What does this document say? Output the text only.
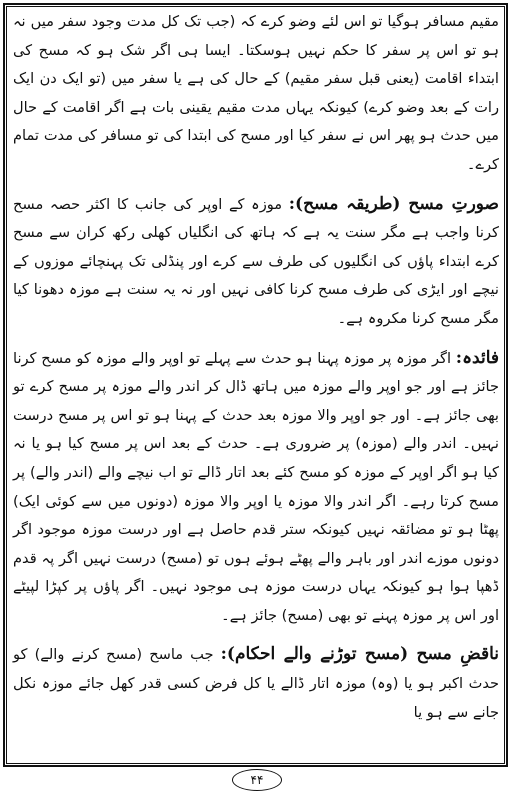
مقیم مسافر ہوگیا تو اس لئے وضو کرے کہ (جب تک کل مدت وجود سفر میں نہ ہو تو اس پر سفر کا حکم نہیں ہوسکتا۔ ایسا ہی اگر شک ہو کہ مسح کی ابتداء اقامت (یعنی قبل سفر مقیم) کے حال کی ہے یا سفر میں (تو ایک دن ایک رات کے بعد وضو کرے) کیونکہ یہاں مدت مقیم یقینی بات ہے اگر اقامت کے حال میں حدث ہو پھر اس نے سفر کیا اور مسح کی ابتدا کی تو مسافر کی مدت تمام کرے۔

صورتِ مسح (طریقہ مسح): موزہ کے اوپر کی جانب کا اکثر حصہ مسح کرنا واجب ہے مگر سنت یہ ہے کہ ہاتھ کی انگلیاں کھلی رکھ کران سے مسح کرے ابتداء پاؤں کی انگلیوں کی طرف سے کرے اور پنڈلی تک پہنچائے موزوں کے نیچے اور ایڑی کی طرف مسح کرنا کافی نہیں اور نہ یہ سنت ہے موزہ دھونا کیا مگر مسح کرنا مکروہ ہے۔

فائدہ: اگر موزہ پر موزہ پہنا ہو حدث سے پہلے تو اوپر والے موزہ کو مسح کرنا جائز ہے اور جو اوپر والے موزہ میں ہاتھ ڈال کر اندر والے موزہ پر مسح کرے تو بھی جائز ہے۔ اور جو اوپر والا موزہ بعد حدث کے پہنا ہو تو اس پر مسح درست نہیں۔ اندر والے (موزہ) پر ضروری ہے۔ حدث کے بعد اس پر مسح کیا ہو یا نہ کیا ہو اگر اوپر کے موزہ کو مسح کئے بعد اتار ڈالے تو اب نیچے والے (اندر والے) پر مسح کرتا رہے۔ اگر اندر والا موزہ یا اوپر والا موزہ (دونوں میں سے کوئی ایک) پھٹا ہو تو مضائقہ نہیں کیونکہ ستر قدم حاصل ہے اور درست موزہ موجود اگر دونوں موزے اندر اور باہر والے پھٹے ہوئے ہوں تو (مسح) درست نہیں اگر پہ قدم ڈھپا ہوا ہو کیونکہ یہاں درست موزہ ہی موجود نہیں۔ اگر پاؤں پر کپڑا لپیٹے اور اس پر موزہ پہنے تو بھی (مسح) جائز ہے۔

ناقضِ مسح (مسح توڑنے والے احکام): جب ماسح (مسح کرنے والے) کو حدث اکبر ہو یا (وہ) موزہ اتار ڈالے یا کل فرض کسی قدر کھل جائے موزہ نکل جانے سے ہو یا

۴۴
